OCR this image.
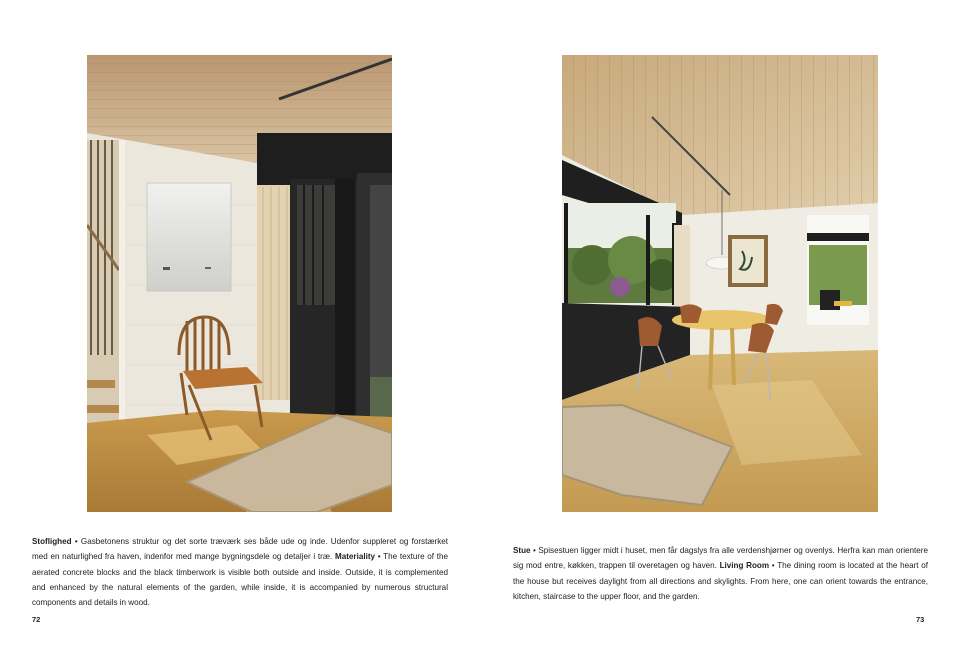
Stoflighed • Gasbetonens struktur og det sorte træværk ses både ude og inde. Udenfor suppleret og forstærket med en naturlighed fra haven, indenfor med mange bygningsdele og detaljer i træ. Materiality • The texture of the aerated concrete blocks and the black timberwork is visible both outside and inside. Outside, it is complemented and enhanced by the natural elements of the garden, while inside, it is accompanied by numerous structural components and details in wood.
Stue • Spisestuen ligger midt i huset, men får dagslys fra alle verdenshjørner og ovenlys. Herfra kan man orientere sig mod entre, køkken, trappen til overetagen og haven. Living Room • The dining room is located at the heart of the house but receives daylight from all directions and skylights. From here, one can orient towards the entrance, kitchen, staircase to the upper floor, and the garden.
72	73
